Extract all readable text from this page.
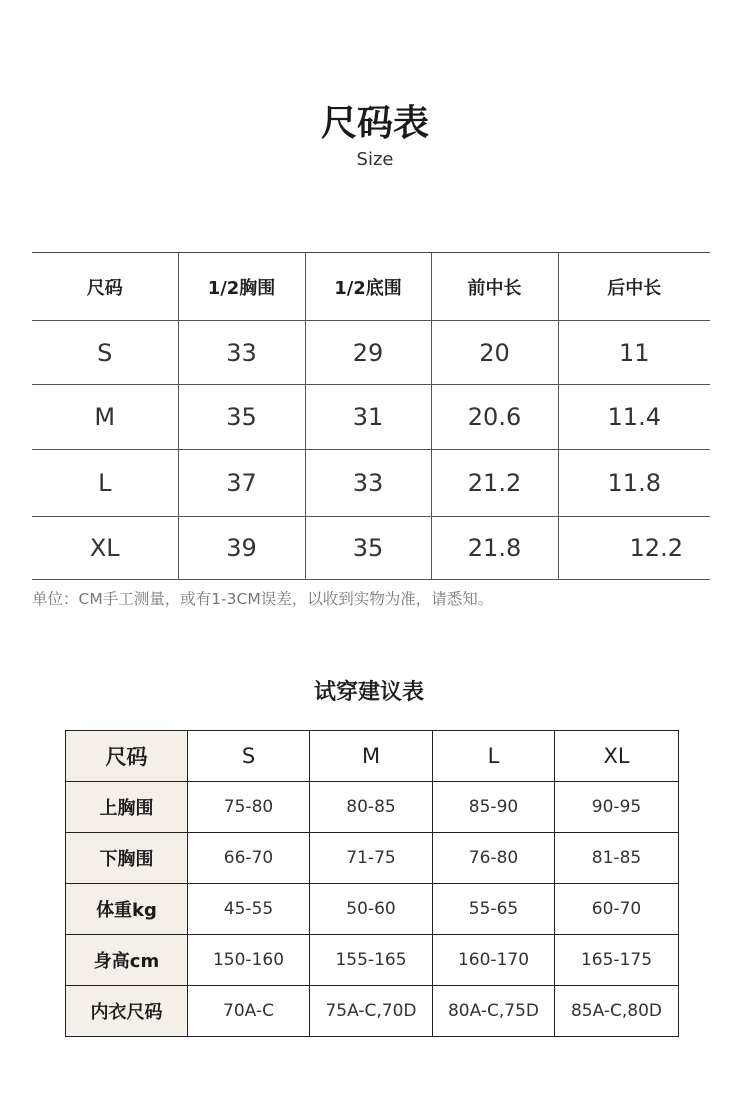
尺码表
Size
尺码	1/2胸围	1/2底围	前中长	后中长
S	33	29	20	11
M	35	31	20.6	11.4
L	37	33	21.2	11.8
XL	39	35	21.8	12.2
单位：CM手工测量，或有1-3CM误差，以收到实物为准，请悉知。
试穿建议表
尺码	S	M	L	XL
上胸围	75-80	80-85	85-90	90-95
下胸围	66-70	71-75	76-80	81-85
体重kg	45-55	50-60	55-65	60-70
身高cm	150-160	155-165	160-170	165-175
内衣尺码	70A-C	75A-C,70D	80A-C,75D	85A-C,80D
